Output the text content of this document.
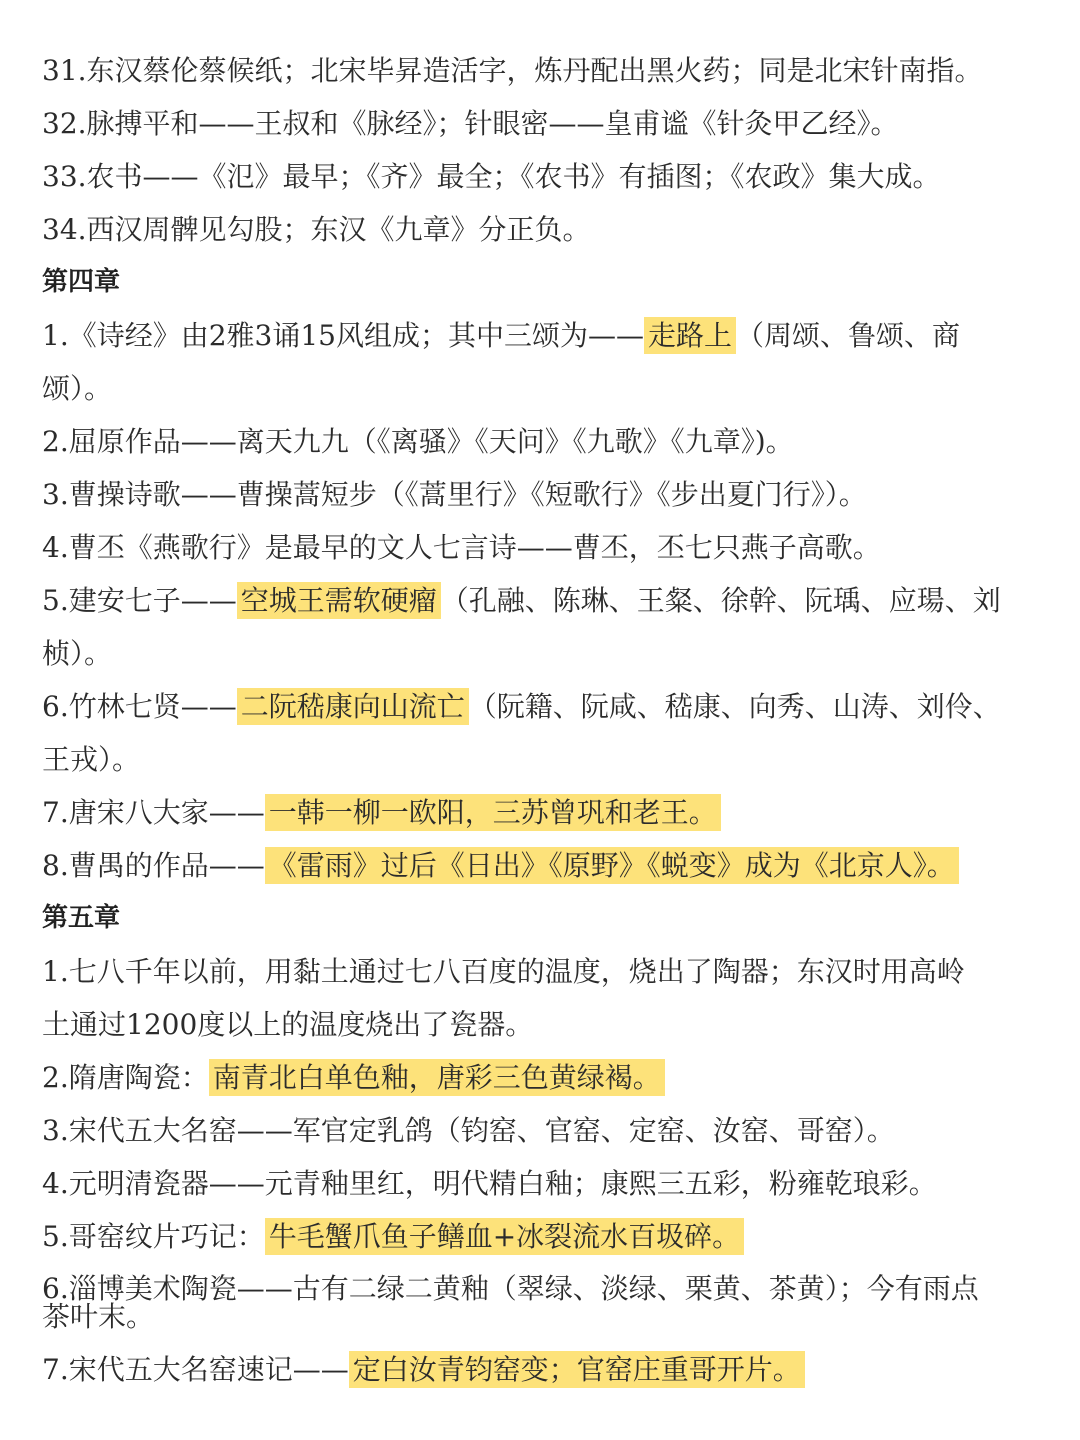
31.东汉蔡伦蔡候纸；北宋毕昇造活字，炼丹配出黑火药；同是北宋针南指。
32.脉搏平和——王叔和《脉经》；针眼密——皇甫谧《针灸甲乙经》。
33.农书——《氾》最早；《齐》最全；《农书》有插图；《农政》集大成。
34.西汉周髀见勾股；东汉《九章》分正负。
第四章
1.《诗经》由2雅3诵15风组成；其中三颂为—— 走路上 （周颂、鲁颂、商
颂）。
2.屈原作品——离天九九（《离骚》《天问》《九歌》《九章》)。
3.曹操诗歌——曹操蒿短步（《蒿里行》《短歌行》《步出夏门行》）。
4.曹丕《燕歌行》是最早的文人七言诗——曹丕，丕七只燕子高歌。
5.建安七子—— 空城王需软硬瘤 （孔融、陈琳、王粲、徐幹、阮瑀、应瑒、刘
桢）。
6.竹林七贤—— 二阮嵇康向山流亡 （阮籍、阮咸、嵇康、向秀、山涛、刘伶、
王戎）。
7.唐宋八大家—— 一韩一柳一欧阳，三苏曾巩和老王。
8.曹禺的作品—— 《雷雨》过后《日出》《原野》《蜕变》成为《北京人》。
第五章
1.七八千年以前，用黏土通过七八百度的温度，烧出了陶器；东汉时用高岭
土通过1200度以上的温度烧出了瓷器。
2.隋唐陶瓷： 南青北白单色釉，唐彩三色黄绿褐。
3.宋代五大名窑——军官定乳鸽（钧窑、官窑、定窑、汝窑、哥窑）。
4.元明清瓷器——元青釉里红，明代精白釉；康熙三五彩，粉雍乾琅彩。
5.哥窑纹片巧记： 牛毛蟹爪鱼子鳝血+冰裂流水百圾碎。
6.淄博美术陶瓷——古有二绿二黄釉（翠绿、淡绿、栗黄、茶黄）；今有雨点
茶叶末。
7.宋代五大名窑速记—— 定白汝青钧窑变；官窑庄重哥开片。
